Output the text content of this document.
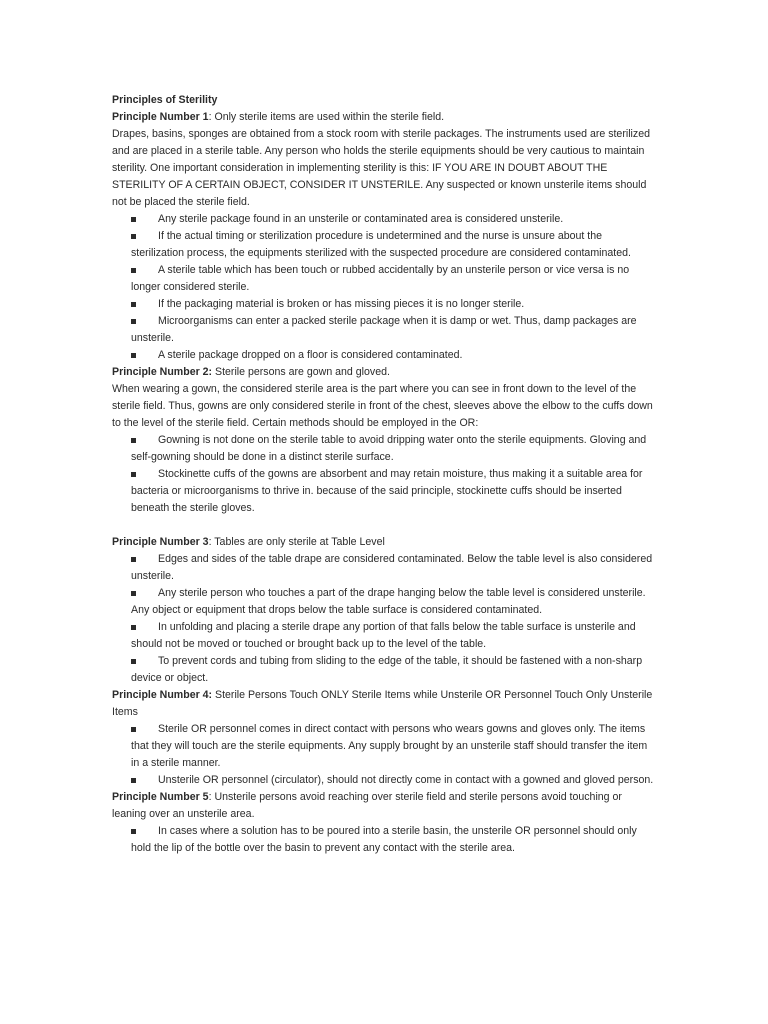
Principles of Sterility

Principle Number 1: Only sterile items are used within the sterile field.

Drapes, basins, sponges are obtained from a stock room with sterile packages. The instruments used are sterilized and are placed in a sterile table. Any person who holds the sterile equipments should be very cautious to maintain sterility. One important consideration in implementing sterility is this: IF YOU ARE IN DOUBT ABOUT THE STERILITY OF A CERTAIN OBJECT, CONSIDER IT UNSTERILE. Any suspected or known unsterile items should not be placed the sterile field.

Any sterile package found in an unsterile or contaminated area is considered unsterile.
If the actual timing or sterilization procedure is undetermined and the nurse is unsure about the sterilization process, the equipments sterilized with the suspected procedure are considered contaminated.
A sterile table which has been touch or rubbed accidentally by an unsterile person or vice versa is no longer considered sterile.
If the packaging material is broken or has missing pieces it is no longer sterile.
Microorganisms can enter a packed sterile package when it is damp or wet. Thus, damp packages are unsterile.
A sterile package dropped on a floor is considered contaminated.

Principle Number 2: Sterile persons are gown and gloved.

When wearing a gown, the considered sterile area is the part where you can see in front down to the level of the sterile field. Thus, gowns are only considered sterile in front of the chest, sleeves above the elbow to the cuffs down to the level of the sterile field. Certain methods should be employed in the OR:

Gowning is not done on the sterile table to avoid dripping water onto the sterile equipments. Gloving and self-gowning should be done in a distinct sterile surface.
Stockinette cuffs of the gowns are absorbent and may retain moisture, thus making it a suitable area for bacteria or microorganisms to thrive in. because of the said principle, stockinette cuffs should be inserted beneath the sterile gloves.

Principle Number 3: Tables are only sterile at Table Level

Edges and sides of the table drape are considered contaminated. Below the table level is also considered unsterile.
Any sterile person who touches a part of the drape hanging below the table level is considered unsterile. Any object or equipment that drops below the table surface is considered contaminated.
In unfolding and placing a sterile drape any portion of that falls below the table surface is unsterile and should not be moved or touched or brought back up to the level of the table.
To prevent cords and tubing from sliding to the edge of the table, it should be fastened with a non-sharp device or object.

Principle Number 4: Sterile Persons Touch ONLY Sterile Items while Unsterile OR Personnel Touch Only Unsterile Items

Sterile OR personnel comes in direct contact with persons who wears gowns and gloves only. The items that they will touch are the sterile equipments. Any supply brought by an unsterile staff should transfer the item in a sterile manner.
Unsterile OR personnel (circulator), should not directly come in contact with a gowned and gloved person.

Principle Number 5: Unsterile persons avoid reaching over sterile field and sterile persons avoid touching or leaning over an unsterile area.

In cases where a solution has to be poured into a sterile basin, the unsterile OR personnel should only hold the lip of the bottle over the basin to prevent any contact with the sterile area.
